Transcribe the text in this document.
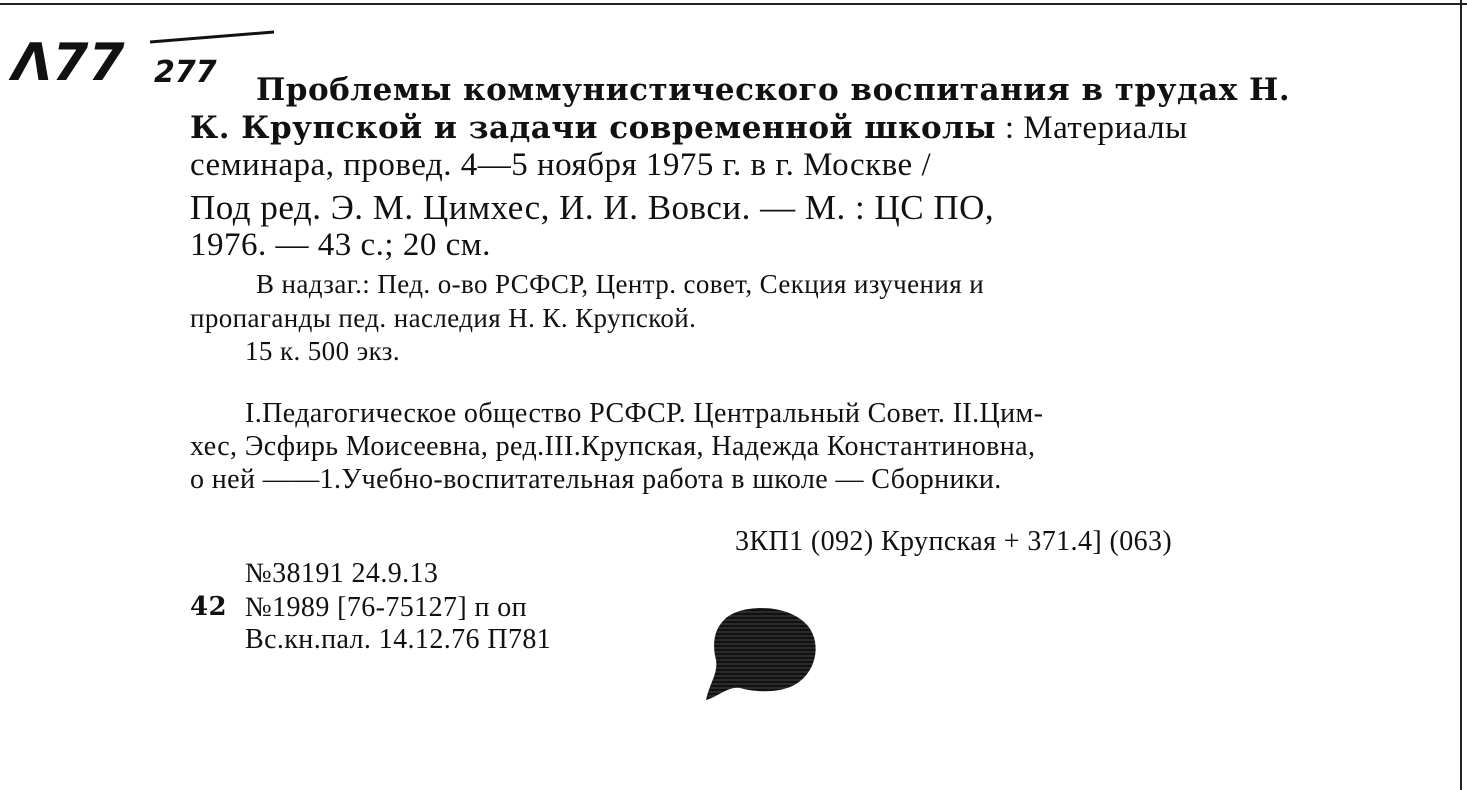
Λ77 277 Проблемы коммунистического воспитания в трудах Н.

К. Крупской и задачи современной школы : Материалы

семинара, провед. 4—5 ноября 1975 г. в г. Москве /

Под ред. Э. М. Цимхес, И. И. Вовси. — М. : ЦС ПО,

1976. — 43 с.; 20 см.

В надзаг.: Пед. о-во РСФСР, Центр. совет, Секция изучения и

пропаганды пед. наследия Н. К. Крупской.

15 к. 500 экз.

I.Педагогическое общество РСФСР. Центральный Совет. II.Цим-

хес, Эсфирь Моисеевна, ред.III.Крупская, Надежда Константиновна,

о ней ——1.Учебно-воспитательная работа в школе — Сборники.

3КП1 (092) Крупская + 371.4] (063)

№38191 24.9.13

42 №1989 [76-75127] п оп

Вс.кн.пал. 14.12.76 П781
